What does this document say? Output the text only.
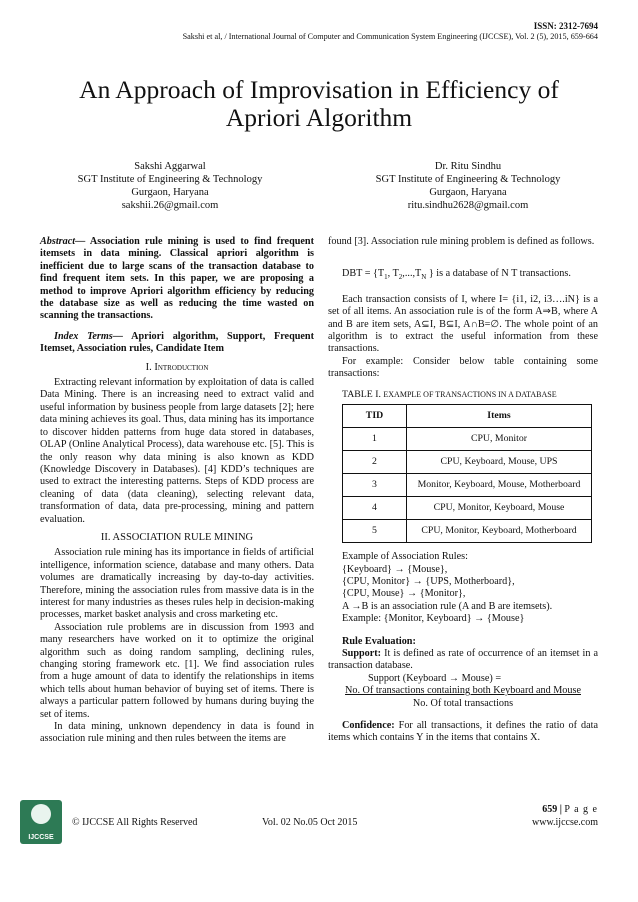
ISSN: 2312-7694
Sakshi et al, / International Journal of Computer and Communication System Engineering (IJCCSE), Vol. 2 (5), 2015, 659-664
An Approach of Improvisation in Efficiency of
Apriori Algorithm
Sakshi Aggarwal
SGT Institute of Engineering & Technology
Gurgaon, Haryana
sakshii.26@gmail.com
Dr. Ritu Sindhu
SGT Institute of Engineering & Technology
Gurgaon, Haryana
ritu.sindhu2628@gmail.com

Abstract— Association rule mining is used to find frequent itemsets in data mining. Classical apriori algorithm is inefficient due to large scans of the transaction database to find frequent item sets. In this paper, we are proposing a method to improve Apriori algorithm efficiency by reducing the database size as well as reducing the time wasted on scanning the transactions.

Index Terms— Apriori algorithm, Support, Frequent Itemset, Association rules, Candidate Item

I. Introduction

Extracting relevant information by exploitation of data is called Data Mining. There is an increasing need to extract valid and useful information by business people from large datasets [2]; here data mining achieves its goal. Thus, data mining has its importance to discover hidden patterns from huge data stored in databases, OLAP (Online Analytical Process), data warehouse etc. [5]. This is the only reason why data mining is also known as KDD (Knowledge Discovery in Databases). [4] KDD’s techniques are used to extract the interesting patterns. Steps of KDD process are cleaning of data (data cleaning), selecting relevant data, transformation of data, data pre-processing, mining and pattern evaluation.

II. ASSOCIATION RULE MINING

Association rule mining has its importance in fields of artificial intelligence, information science, database and many others. Data volumes are dramatically increasing by day-to-day activities. Therefore, mining the association rules from massive data is in the interest for many industries as theses rules help in decision-making processes, market basket analysis and cross marketing etc.

Association rule problems are in discussion from 1993 and many researchers have worked on it to optimize the original algorithm such as doing random sampling, declining rules, changing storing framework etc. [1]. We find association rules from a huge amount of data to identify the relationships in items which tells about human behavior of buying set of items. There is always a particular pattern followed by humans during buying the set of items.

In data mining, unknown dependency in data is found in association rule mining and then rules between the items are

found [3]. Association rule mining problem is defined as follows.

DBT = {$T_1$, $T_2,...,T_N$ } is a database of N T transactions.

Each transaction consists of I, where I= {i1, i2, i3….iN} is a set of all items. An association rule is of the form A⇒B, where A and B are item sets, A⊆I, B⊆I, A∩B=∅. The whole point of an algorithm is to extract the useful information from these transactions.

For example: Consider below table containing some transactions:

TABLE I. EXAMPLE OF TRANSACTIONS IN A DATABASE

TID	Items
1	CPU, Monitor
2	CPU, Keyboard, Mouse, UPS
3	Monitor, Keyboard, Mouse, Motherboard
4	CPU, Monitor, Keyboard, Mouse
5	CPU, Monitor, Keyboard, Motherboard

Example of Association Rules:

{Keyboard} → {Mouse},
{CPU, Monitor} → {UPS, Motherboard},
{CPU, Mouse} → {Monitor},
A →B is an association rule (A and B are itemsets).
Example: {Monitor, Keyboard} → {Mouse}

Rule Evaluation:

Support: It is defined as rate of occurrence of an itemset in a transaction database.

Support (Keyboard → Mouse) =

No. Of transactions containing both Keyboard and Mouse

No. Of total transactions

Confidence: For all transactions, it defines the ratio of data items which contains Y in the items that contains X.

IJCCSE
659 | P a g e
© IJCCSE All Rights Reserved	Vol. 02 No.05 Oct 2015	www.ijccse.com
